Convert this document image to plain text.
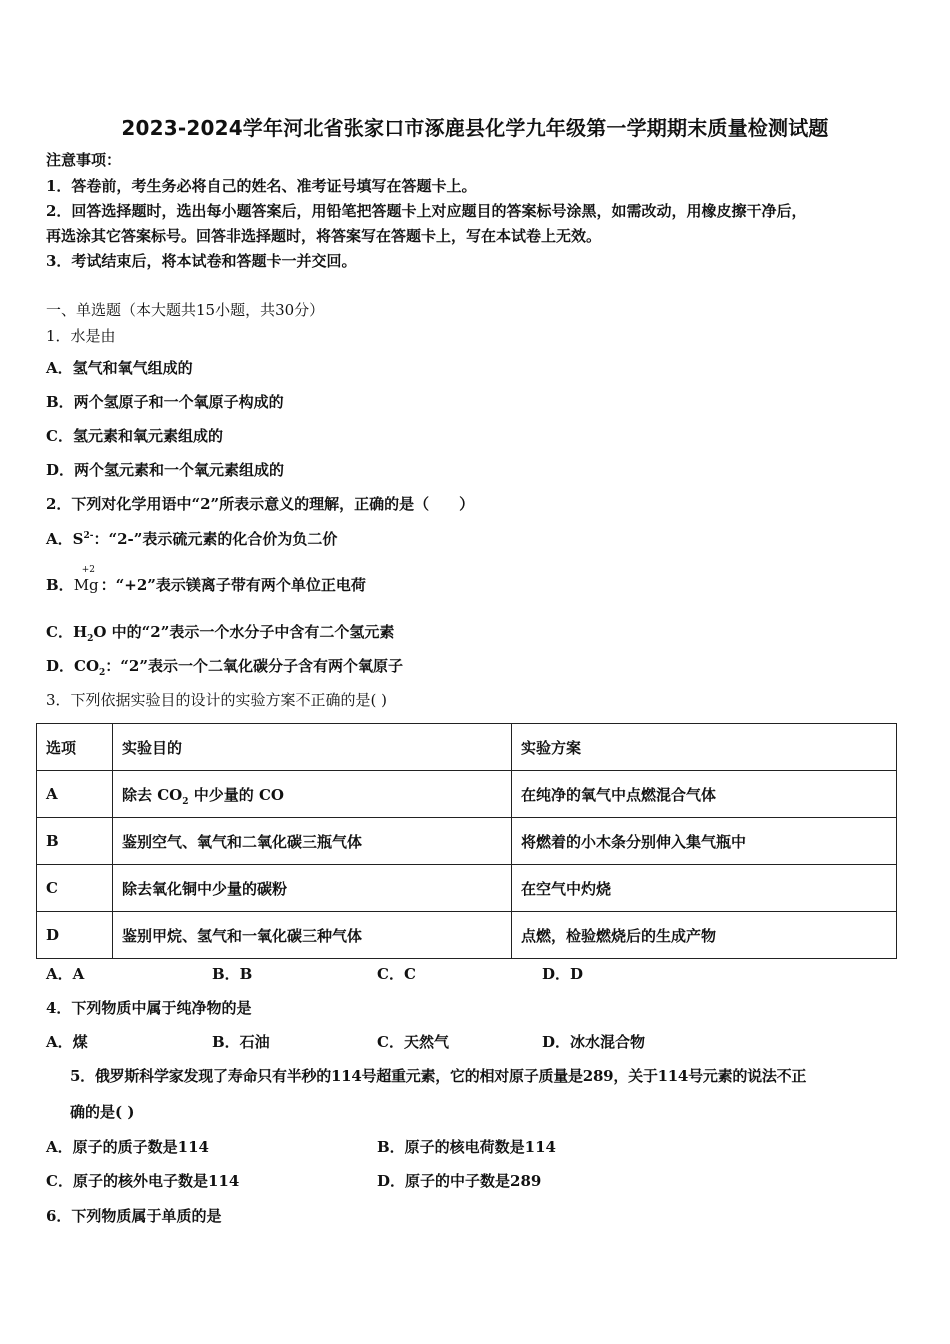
2023-2024学年河北省张家口市涿鹿县化学九年级第一学期期末质量检测试题
注意事项：
1．答卷前，考生务必将自己的姓名、准考证号填写在答题卡上。
2．回答选择题时，选出每小题答案后，用铅笔把答题卡上对应题目的答案标号涂黑，如需改动，用橡皮擦干净后，
再选涂其它答案标号。回答非选择题时，将答案写在答题卡上，写在本试卷上无效。
3．考试结束后，将本试卷和答题卡一并交回。
一、单选题（本大题共15小题，共30分）
1．水是由
A．氢气和氧气组成的
B．两个氢原子和一个氧原子构成的
C．氢元素和氧元素组成的
D．两个氢元素和一个氧元素组成的
2．下列对化学用语中“2”所表示意义的理解，正确的是（　　）
A．$S^{2-}$：“2-”表示硫元素的化合价为负二价
B．
+2
Mg ：“+2”表示镁离子带有两个单位正电荷
C．$H_2O$ 中的“2”表示一个水分子中含有二个氢元素
D．$CO_2$：“2”表示一个二氧化碳分子含有两个氧原子
3．下列依据实验目的设计的实验方案不正确的是( )
选项	实验目的	实验方案
A	除去 $CO_2$ 中少量的 CO	在纯净的氧气中点燃混合气体
B	鉴别空气、氧气和二氧化碳三瓶气体	将燃着的小木条分别伸入集气瓶中
C	除去氧化铜中少量的碳粉	在空气中灼烧
D	鉴别甲烷、氢气和一氧化碳三种气体	点燃，检验燃烧后的生成产物
A．A	B．B	C．C	D．D
4．下列物质中属于纯净物的是
A．煤	B．石油	C．天然气	D．冰水混合物
5．俄罗斯科学家发现了寿命只有半秒的114号超重元素，它的相对原子质量是289，关于114号元素的说法不正
确的是( )
A．原子的质子数是114	B．原子的核电荷数是114
C．原子的核外电子数是114	D．原子的中子数是289
6．下列物质属于单质的是
